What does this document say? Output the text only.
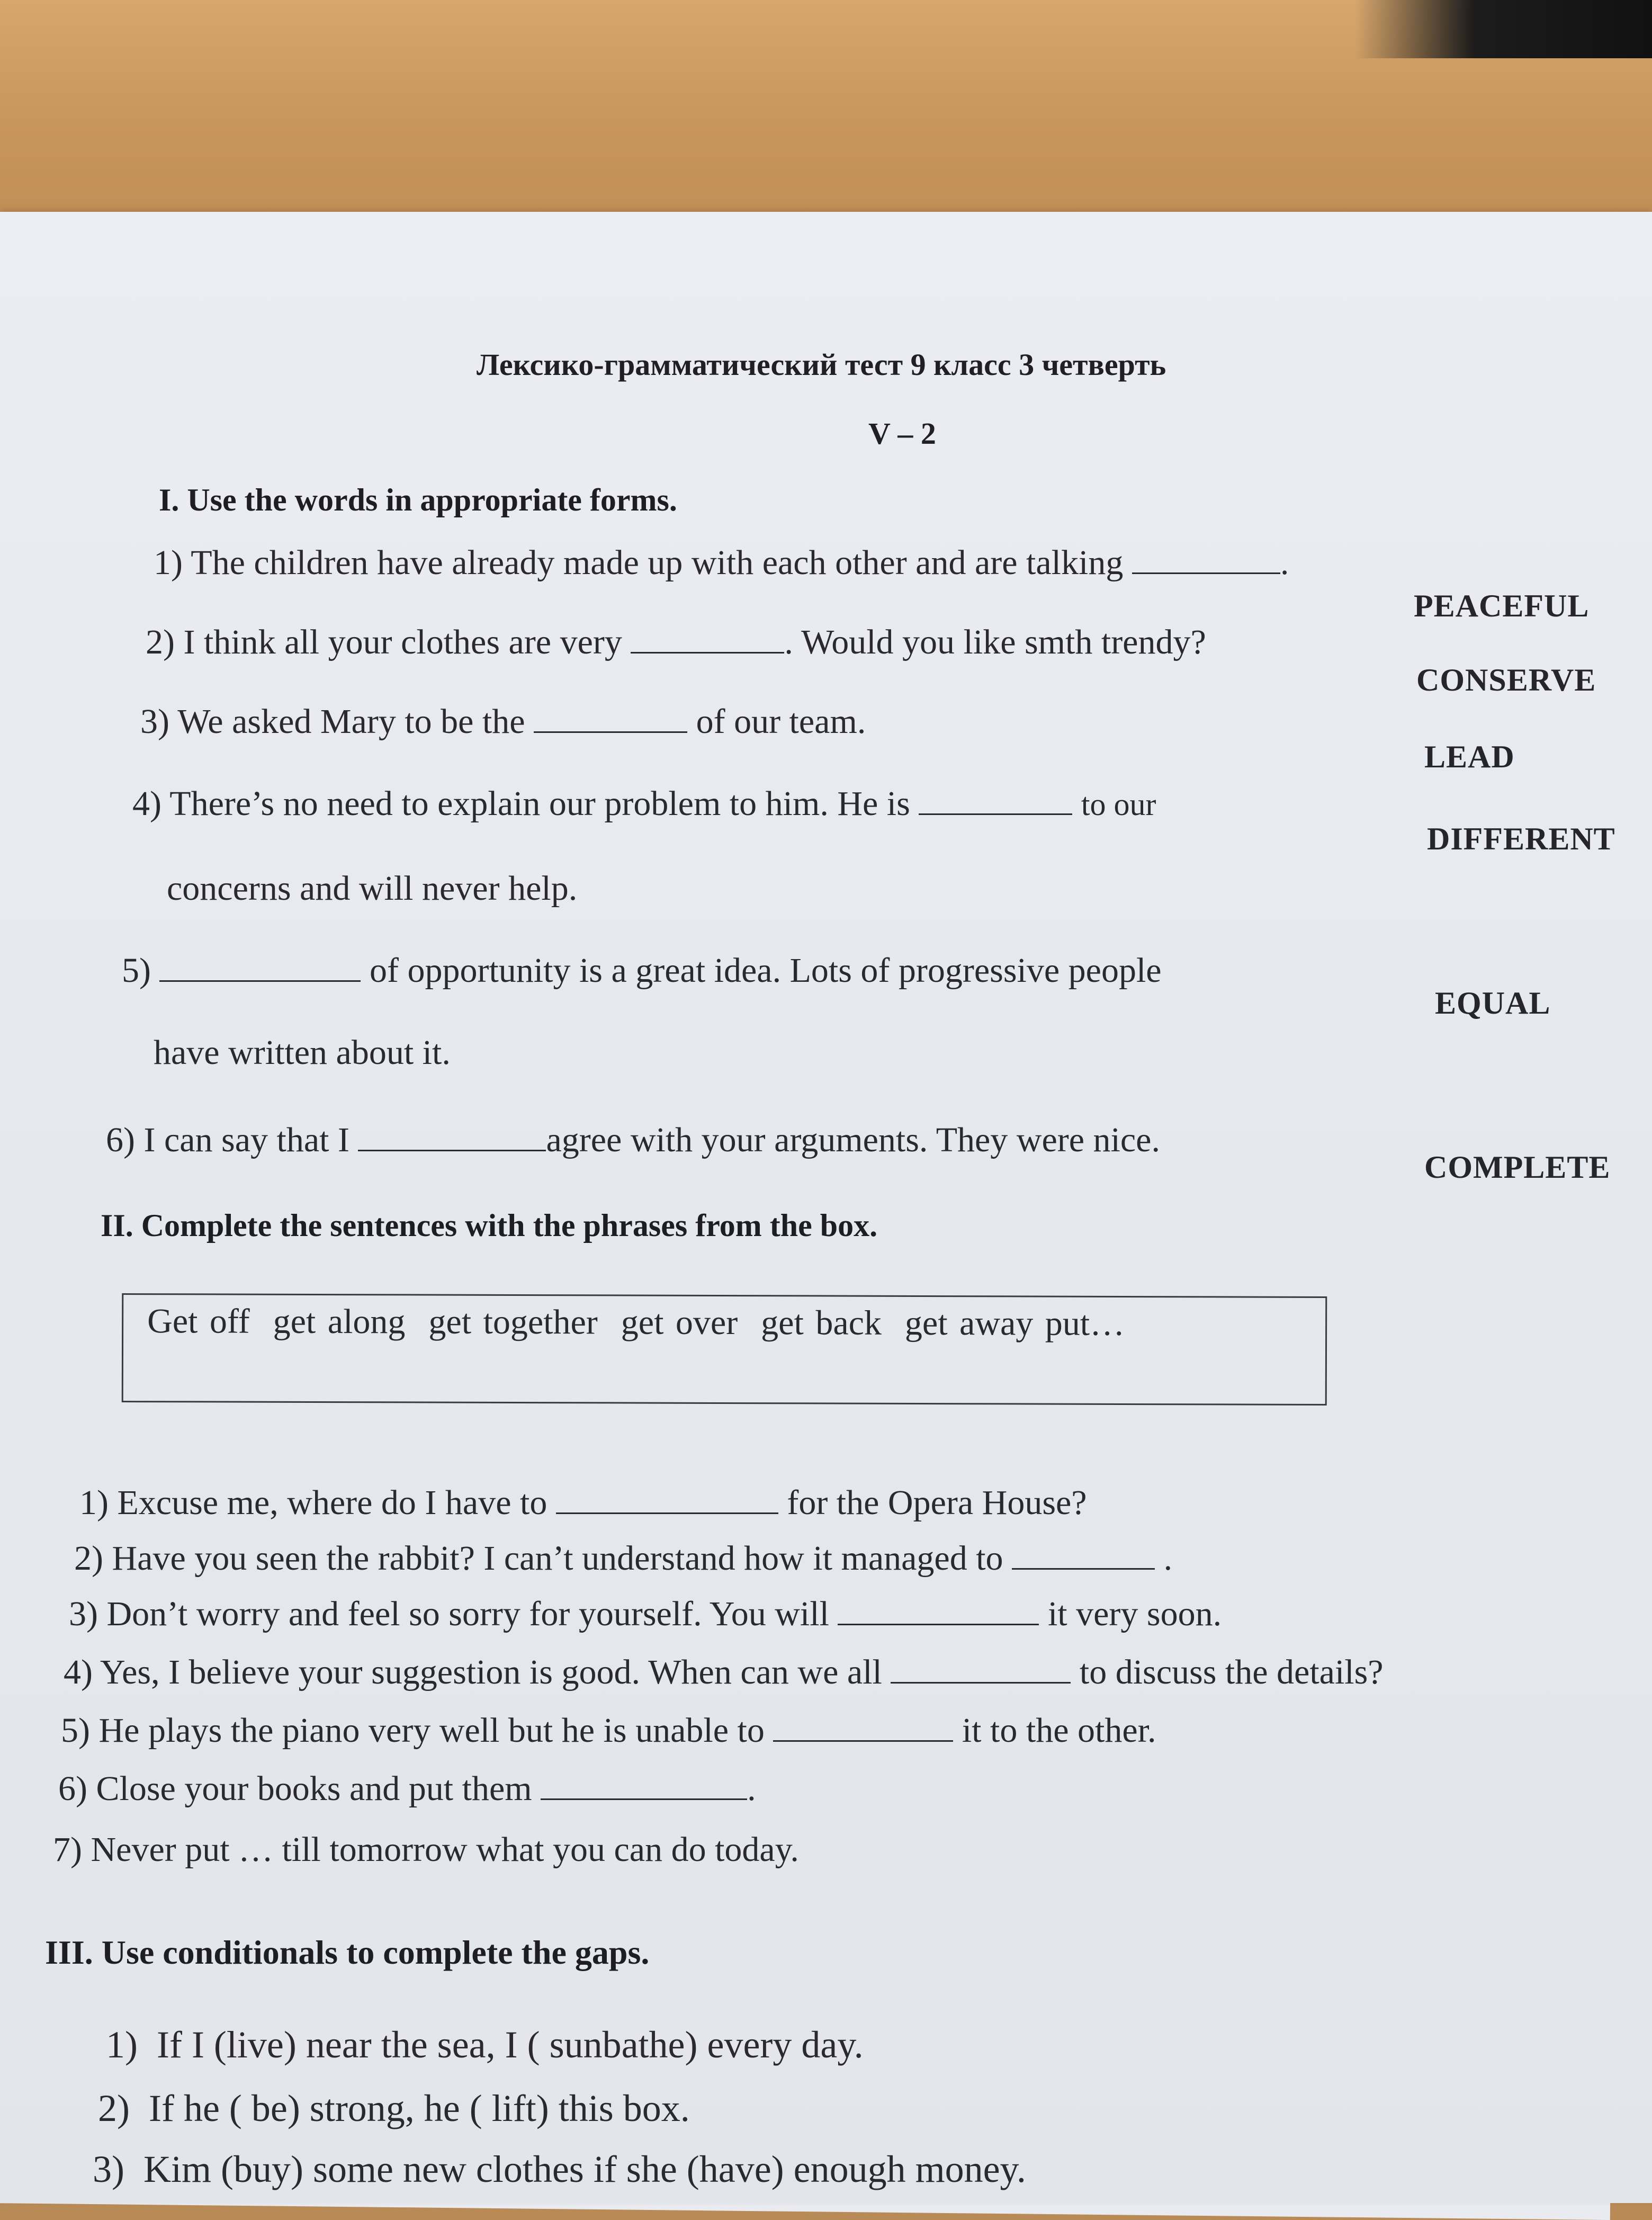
Лексико-грамматический тест 9 класс 3 четверть
V – 2
I. Use the words in appropriate forms.
1) The children have already made up with each other and are talking	.
PEACEFUL
2) I think all your clothes are very	. Would you like smth trendy?
CONSERVE
3) We asked Mary to be the	of our team.
LEAD
4) There’s no need to explain our problem to him. He is	to our
DIFFERENT
concerns and will never help.
5)	of opportunity is a great idea. Lots of progressive people
EQUAL
have written about it.
6) I can say that I	agree with your arguments. They were nice.
COMPLETE
II. Complete the sentences with the phrases from the box.
Get off get along get together get over get back get away put…
1) Excuse me, where do I have to	for the Opera House?
2) Have you seen the rabbit? I can’t understand how it managed to	.
3) Don’t worry and feel so sorry for yourself. You will	it very soon.
4) Yes, I believe your suggestion is good. When can we all	to discuss the details?
5) He plays the piano very well but he is unable to	it to the other.
6) Close your books and put them	.
7) Never put … till tomorrow what you can do today.
III. Use conditionals to complete the gaps.
1) If I (live) near the sea, I ( sunbathe) every day.
2) If he ( be) strong, he ( lift) this box.
3) Kim (buy) some new clothes if she (have) enough money.
